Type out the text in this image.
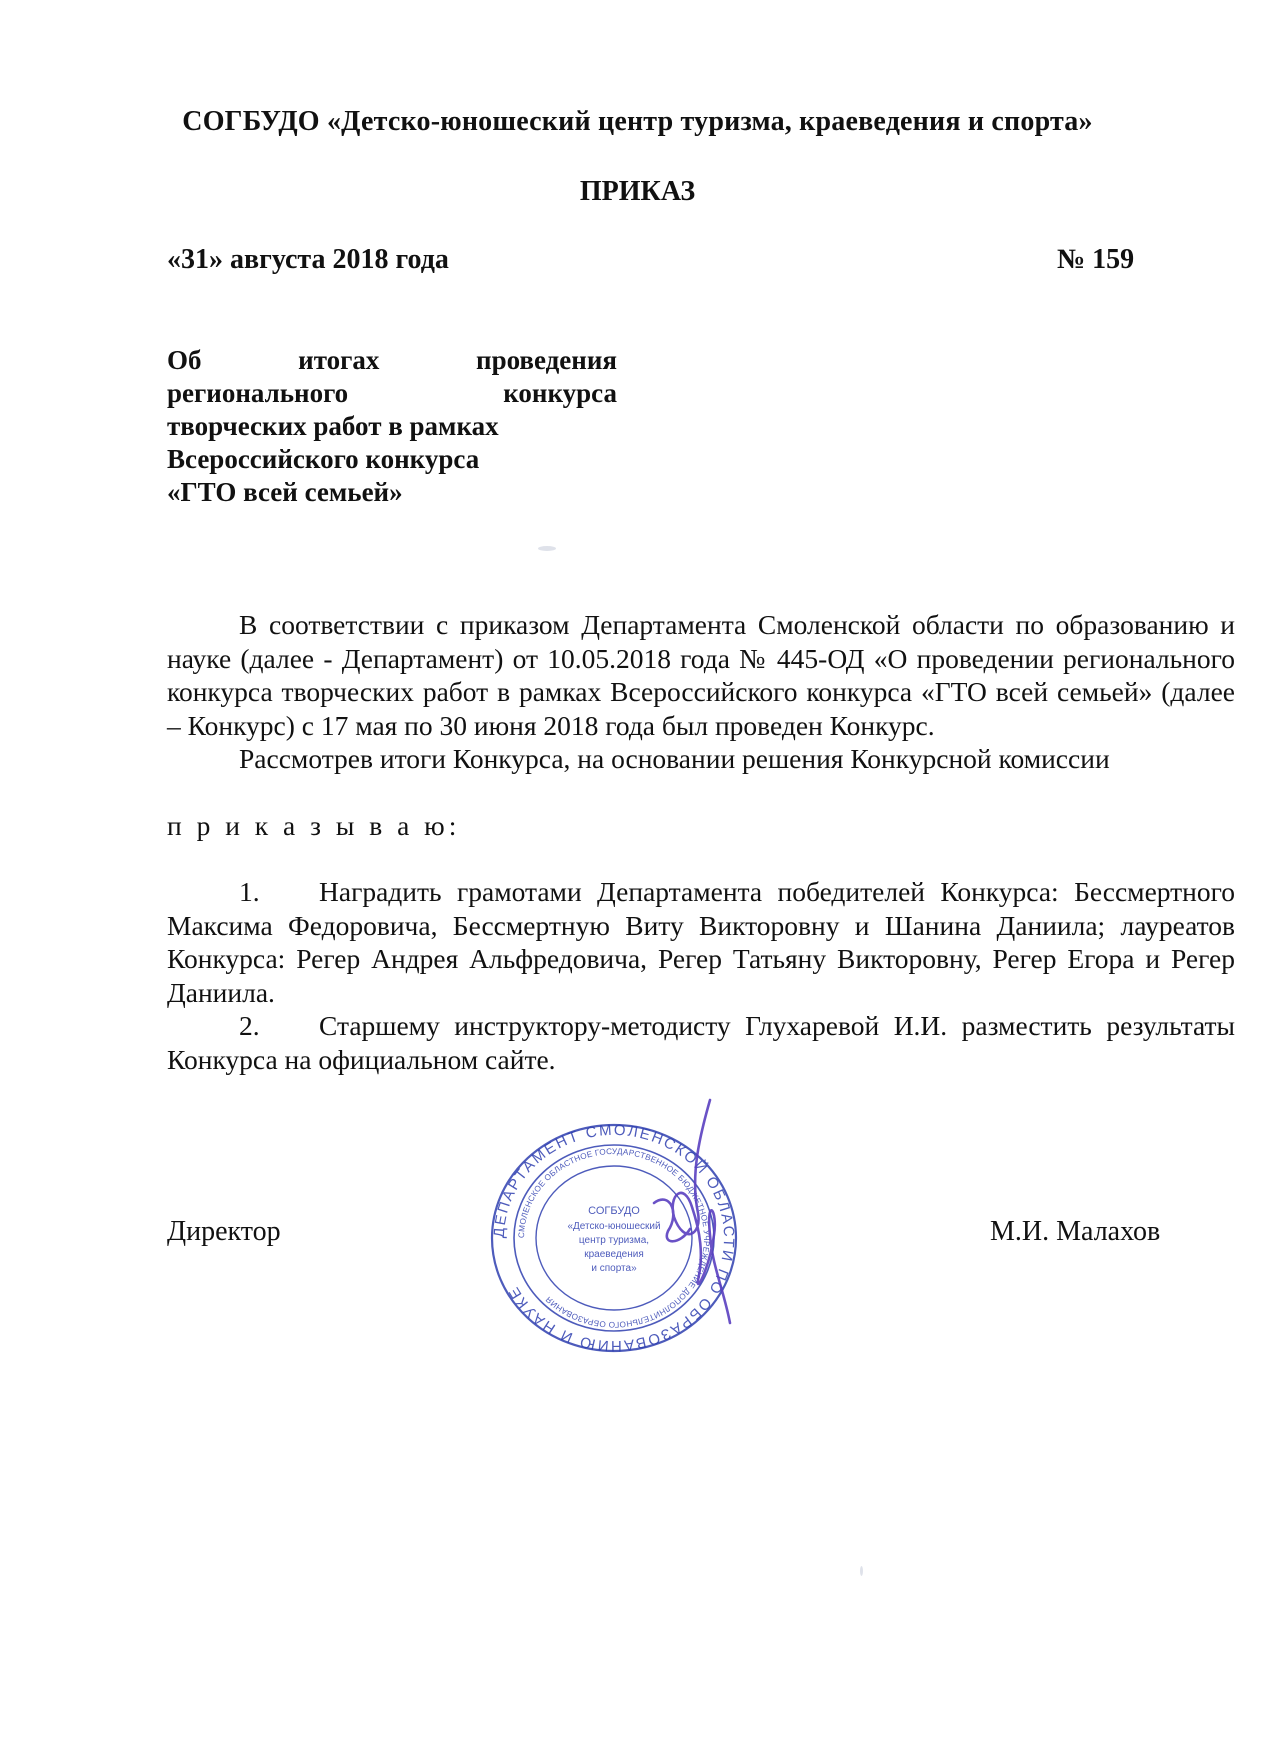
СОГБУДО «Детско-юношеский центр туризма, краеведения и спорта»
ПРИКАЗ
«31» августа 2018 года	№ 159
Об итогах проведения
регионального конкурса
творческих работ в рамках
Всероссийского конкурса
«ГТО всей семьей»

В соответствии с приказом Департамента Смоленской области по образованию и науке (далее - Департамент) от 10.05.2018 года № 445-ОД «О проведении регионального конкурса творческих работ в рамках Всероссийского конкурса «ГТО всей семьей» (далее – Конкурс) с 17 мая по 30 июня 2018 года был проведен Конкурс.

Рассмотрев итоги Конкурса, на основании решения Конкурсной комиссии

п р и к а з ы в а ю:

1. Наградить грамотами Департамента победителей Конкурса: Бессмертного Максима Федоровича, Бессмертную Виту Викторовну и Шанина Даниила; лауреатов Конкурса: Регер Андрея Альфредовича, Регер Татьяну Викторовну, Регер Егора и Регер Даниила.

2. Старшему инструктору-методисту Глухаревой И.И. разместить результаты Конкурса на официальном сайте.

Директор	М.И. Малахов
ДЕПАРТАМЕНТ СМОЛЕНСКОЙ ОБЛАСТИ ПО ОБРАЗОВАНИЮ И НАУКЕ
СМОЛЕНСКОЕ ОБЛАСТНОЕ ГОСУДАРСТВЕННОЕ БЮДЖЕТНОЕ УЧРЕЖДЕНИЕ ДОПОЛНИТЕЛЬНОГО ОБРАЗОВАНИЯ
СОГБУДО
«Детско-юношеский
центр туризма,
краеведения
и спорта»
